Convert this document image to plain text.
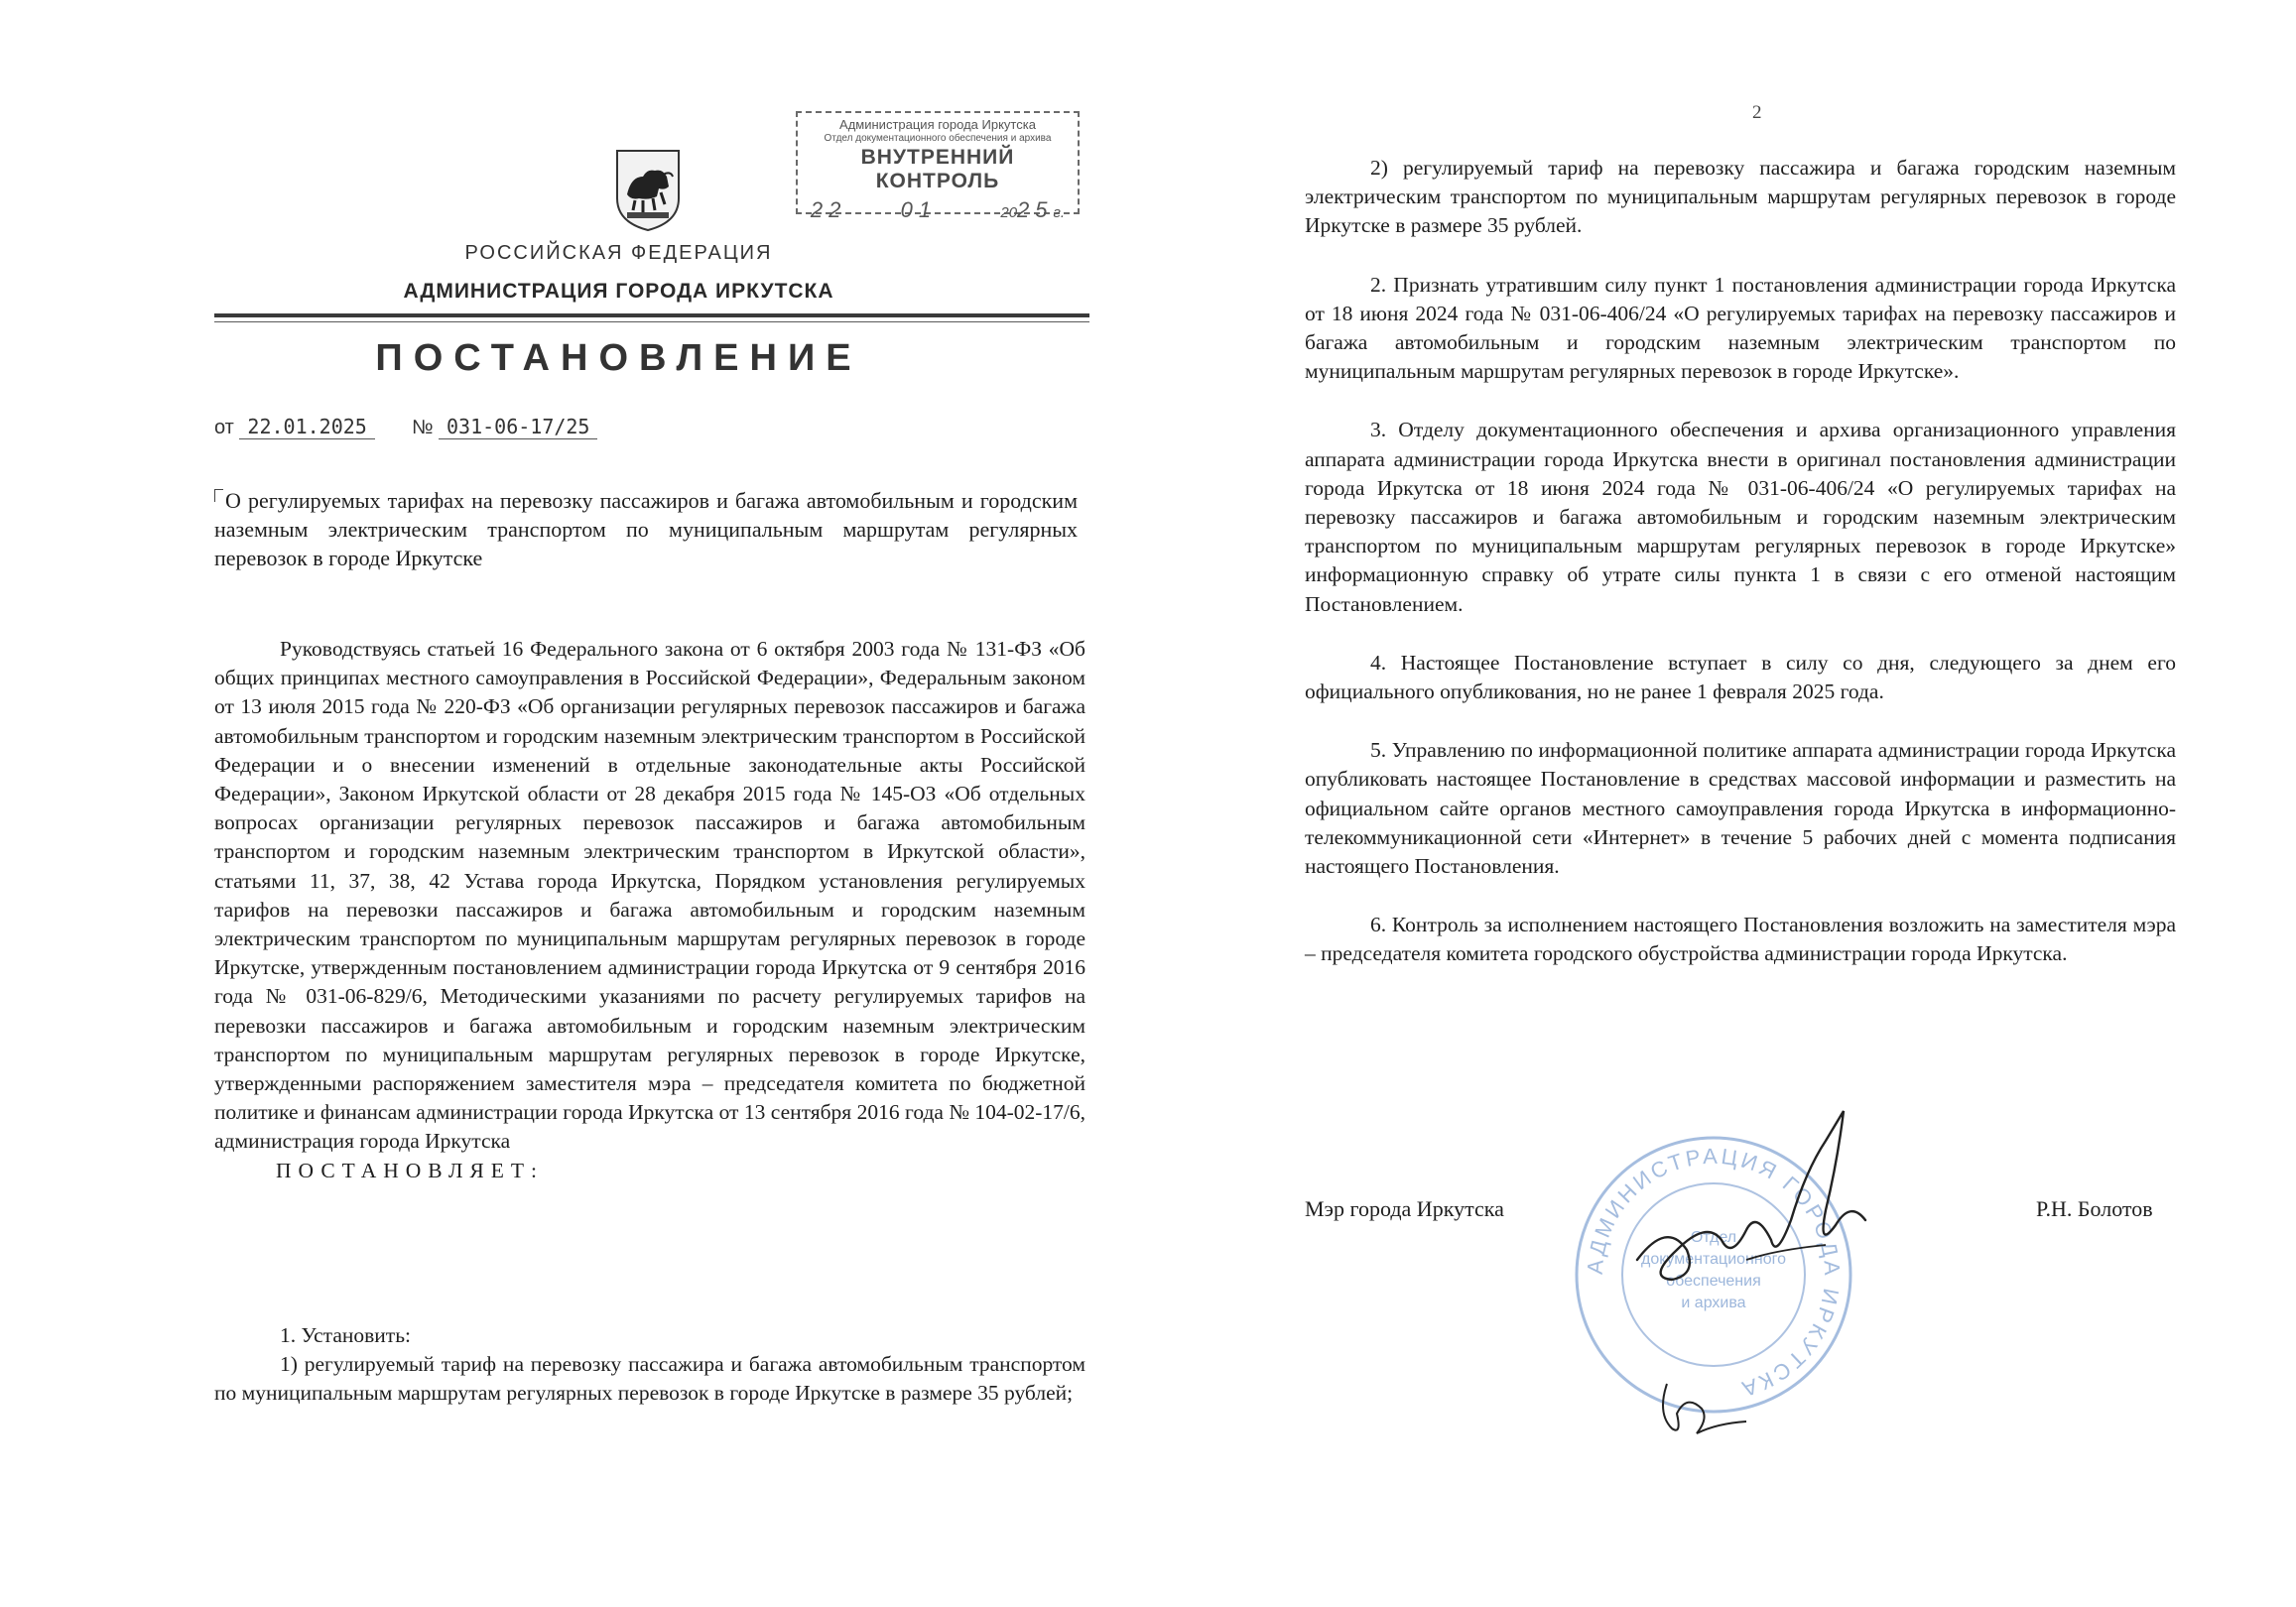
Администрация города Иркутска
Отдел документационного обеспечения и архива
ВНУТРЕННИЙ КОНТРОЛЬ
22 01	2025г.
РОССИЙСКАЯ ФЕДЕРАЦИЯ
АДМИНИСТРАЦИЯ ГОРОДА ИРКУТСКА
ПОСТАНОВЛЕНИЕ
от 22.01.2025 № 031-06-17/25
О регулируемых тарифах на перевозку пассажиров и багажа автомобильным и городским наземным электрическим транспортом по муниципальным маршрутам регулярных перевозок в городе Иркутске
Руководствуясь статьей 16 Федерального закона от 6 октября 2003 года № 131-ФЗ «Об общих принципах местного самоуправления в Российской Федерации», Федеральным законом от 13 июля 2015 года № 220-ФЗ «Об организации регулярных перевозок пассажиров и багажа автомобильным транспортом и городским наземным электрическим транспортом в Российской Федерации и о внесении изменений в отдельные законодательные акты Российской Федерации», Законом Иркутской области от 28 декабря 2015 года № 145-ОЗ «Об отдельных вопросах организации регулярных перевозок пассажиров и багажа автомобильным транспортом и городским наземным электрическим транспортом в Иркутской области», статьями 11, 37, 38, 42 Устава города Иркутска, Порядком установления регулируемых тарифов на перевозки пассажиров и багажа автомобильным и городским наземным электрическим транспортом по муниципальным маршрутам регулярных перевозок в городе Иркутске, утвержденным постановлением администрации города Иркутска от 9 сентября 2016 года № 031-06-829/6, Методическими указаниями по расчету регулируемых тарифов на перевозки пассажиров и багажа автомобильным и городским наземным электрическим транспортом по муниципальным маршрутам регулярных перевозок в городе Иркутске, утвержденными распоряжением заместителя мэра – председателя комитета по бюджетной политике и финансам администрации города Иркутска от 13 сентября 2016 года № 104-02-17/6, администрация города Иркутска
ПОСТАНОВЛЯЕТ:

1. Установить:

1) регулируемый тариф на перевозку пассажира и багажа автомобильным транспортом по муниципальным маршрутам регулярных перевозок в городе Иркутске в размере 35 рублей;

2

2) регулируемый тариф на перевозку пассажира и багажа городским наземным электрическим транспортом по муниципальным маршрутам регулярных перевозок в городе Иркутске в размере 35 рублей.

2. Признать утратившим силу пункт 1 постановления администрации города Иркутска от 18 июня 2024 года № 031-06-406/24 «О регулируемых тарифах на перевозку пассажиров и багажа автомобильным и городским наземным электрическим транспортом по муниципальным маршрутам регулярных перевозок в городе Иркутске».

3. Отделу документационного обеспечения и архива организационного управления аппарата администрации города Иркутска внести в оригинал постановления администрации города Иркутска от 18 июня 2024 года № 031-06-406/24 «О регулируемых тарифах на перевозку пассажиров и багажа автомобильным и городским наземным электрическим транспортом по муниципальным маршрутам регулярных перевозок в городе Иркутске» информационную справку об утрате силы пункта 1 в связи с его отменой настоящим Постановлением.

4. Настоящее Постановление вступает в силу со дня, следующего за днем его официального опубликования, но не ранее 1 февраля 2025 года.

5. Управлению по информационной политике аппарата администрации города Иркутска опубликовать настоящее Постановление в средствах массовой информации и разместить на официальном сайте органов местного самоуправления города Иркутска в информационно-телекоммуникационной сети «Интернет» в течение 5 рабочих дней с момента подписания настоящего Постановления.

6. Контроль за исполнением настоящего Постановления возложить на заместителя мэра – председателя комитета городского обустройства администрации города Иркутска.

АДМИНИСТРАЦИЯ ГОРОДА ИРКУТСКА
Отдел
документационного
обеспечения
и архива
Мэр города Иркутска	Р.Н. Болотов
